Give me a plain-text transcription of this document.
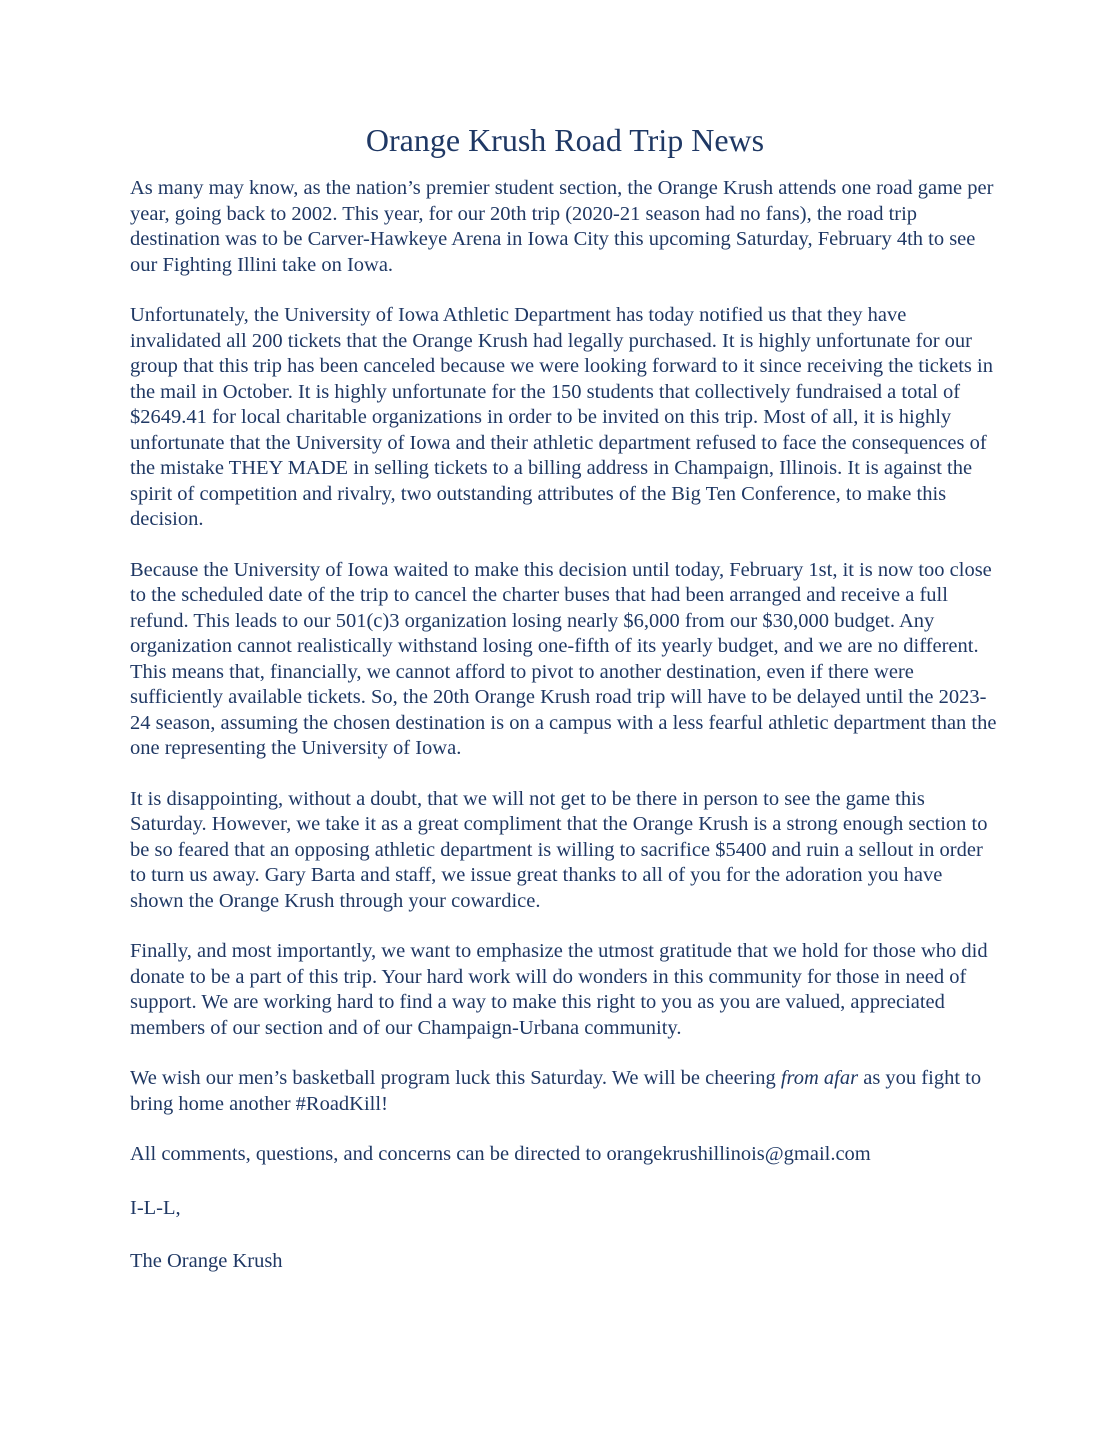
Orange Krush Road Trip News

As many may know, as the nation’s premier student section, the Orange Krush attends one road game per year, going back to 2002. This year, for our 20th trip (2020-21 season had no fans), the road trip destination was to be Carver-Hawkeye Arena in Iowa City this upcoming Saturday, February 4th to see our Fighting Illini take on Iowa.

Unfortunately, the University of Iowa Athletic Department has today notified us that they have invalidated all 200 tickets that the Orange Krush had legally purchased. It is highly unfortunate for our group that this trip has been canceled because we were looking forward to it since receiving the tickets in the mail in October. It is highly unfortunate for the 150 students that collectively fundraised a total of $2649.41 for local charitable organizations in order to be invited on this trip. Most of all, it is highly unfortunate that the University of Iowa and their athletic department refused to face the consequences of the mistake THEY MADE in selling tickets to a billing address in Champaign, Illinois. It is against the spirit of competition and rivalry, two outstanding attributes of the Big Ten Conference, to make this decision.

Because the University of Iowa waited to make this decision until today, February 1st, it is now too close to the scheduled date of the trip to cancel the charter buses that had been arranged and receive a full refund. This leads to our 501(c)3 organization losing nearly $6,000 from our $30,000 budget. Any organization cannot realistically withstand losing one-fifth of its yearly budget, and we are no different. This means that, financially, we cannot afford to pivot to another destination, even if there were sufficiently available tickets. So, the 20th Orange Krush road trip will have to be delayed until the 2023-24 season, assuming the chosen destination is on a campus with a less fearful athletic department than the one representing the University of Iowa.

It is disappointing, without a doubt, that we will not get to be there in person to see the game this Saturday. However, we take it as a great compliment that the Orange Krush is a strong enough section to be so feared that an opposing athletic department is willing to sacrifice $5400 and ruin a sellout in order to turn us away. Gary Barta and staff, we issue great thanks to all of you for the adoration you have shown the Orange Krush through your cowardice.

Finally, and most importantly, we want to emphasize the utmost gratitude that we hold for those who did donate to be a part of this trip. Your hard work will do wonders in this community for those in need of support. We are working hard to find a way to make this right to you as you are valued, appreciated members of our section and of our Champaign-Urbana community.

We wish our men’s basketball program luck this Saturday. We will be cheering from afar as you fight to bring home another #RoadKill!

All comments, questions, and concerns can be directed to orangekrushillinois@gmail.com

I-L-L,

The Orange Krush
